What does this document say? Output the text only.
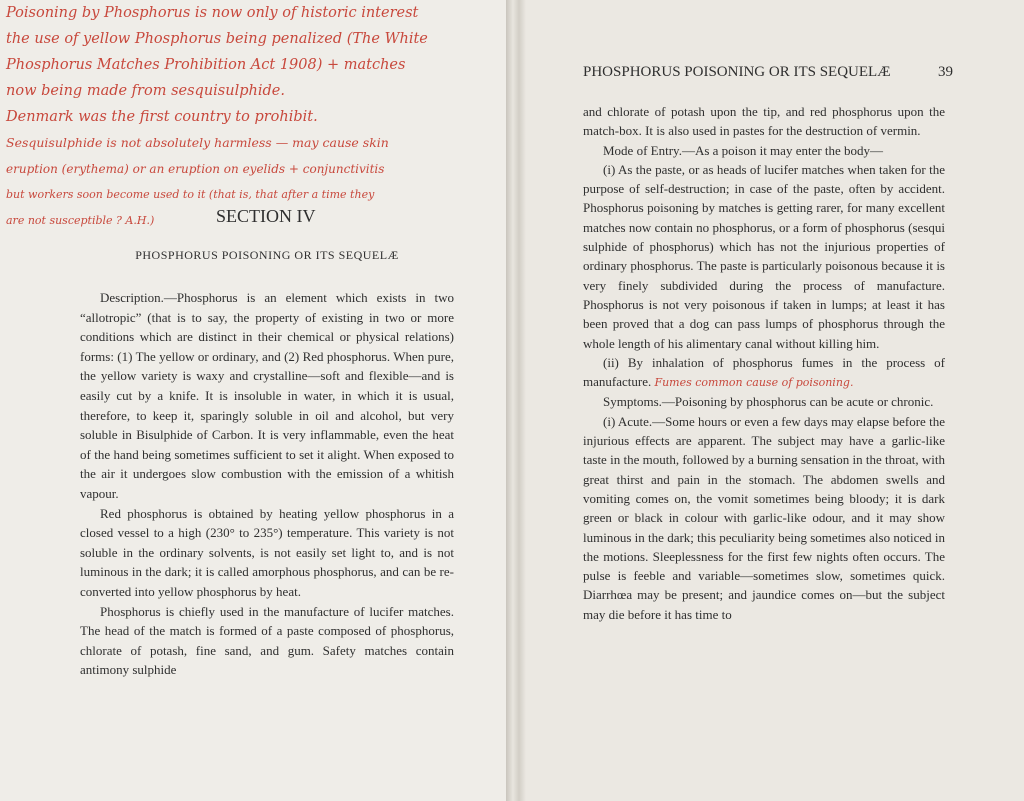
Poisoning by Phosphorus is now only of historic interest
the use of yellow Phosphorus being penalized (The White
Phosphorus Matches Prohibition Act 1908) + matches
now being made from sesquisulphide.
Denmark was the first country to prohibit.
Sesquisulphide is not absolutely harmless — may cause skin
eruption (erythema) or an eruption on eyelids + conjunctivitis
but workers soon become used to it (that is, that after a time they
are not susceptible ? A.H.)	SECTION IV
PHOSPHORUS POISONING OR ITS SEQUELÆ

Description.—Phosphorus is an element which exists in two “allotropic” (that is to say, the property of existing in two or more conditions which are distinct in their chemical or physical relations) forms: (1) The yellow or ordinary, and (2) Red phosphorus. When pure, the yellow variety is waxy and crystalline—soft and flexible—and is easily cut by a knife. It is insoluble in water, in which it is usual, therefore, to keep it, sparingly soluble in oil and alcohol, but very soluble in Bisulphide of Carbon. It is very inflammable, even the heat of the hand being sometimes sufficient to set it alight. When exposed to the air it undergoes slow combustion with the emission of a whitish vapour.

Red phosphorus is obtained by heating yellow phosphorus in a closed vessel to a high (230° to 235°) temperature. This variety is not soluble in the ordinary solvents, is not easily set light to, and is not luminous in the dark; it is called amorphous phosphorus, and can be re-converted into yellow phosphorus by heat.

Phosphorus is chiefly used in the manufacture of lucifer matches. The head of the match is formed of a paste composed of phosphorus, chlorate of potash, fine sand, and gum. Safety matches contain antimony sulphide

PHOSPHORUS POISONING OR ITS SEQUELÆ	39

and chlorate of potash upon the tip, and red phosphorus upon the match-box. It is also used in pastes for the destruction of vermin.

Mode of Entry.—As a poison it may enter the body—

(i) As the paste, or as heads of lucifer matches when taken for the purpose of self-destruction; in case of the paste, often by accident. Phosphorus poisoning by matches is getting rarer, for many excellent matches now contain no phosphorus, or a form of phosphorus (sesqui sulphide of phosphorus) which has not the injurious properties of ordinary phosphorus. The paste is particularly poisonous because it is very finely subdivided during the process of manufacture. Phosphorus is not very poisonous if taken in lumps; at least it has been proved that a dog can pass lumps of phosphorus through the whole length of his alimentary canal without killing him.

(ii) By inhalation of phosphorus fumes in the process of manufacture. Fumes common cause of poisoning.

Symptoms.—Poisoning by phosphorus can be acute or chronic.

(i) Acute.—Some hours or even a few days may elapse before the injurious effects are apparent. The subject may have a garlic-like taste in the mouth, followed by a burning sensation in the throat, with great thirst and pain in the stomach. The abdomen swells and vomiting comes on, the vomit sometimes being bloody; it is dark green or black in colour with garlic-like odour, and it may show luminous in the dark; this peculiarity being sometimes also noticed in the motions. Sleeplessness for the first few nights often occurs. The pulse is feeble and variable—sometimes slow, sometimes quick. Diarrhœa may be present; and jaundice comes on—but the subject may die before it has time to
